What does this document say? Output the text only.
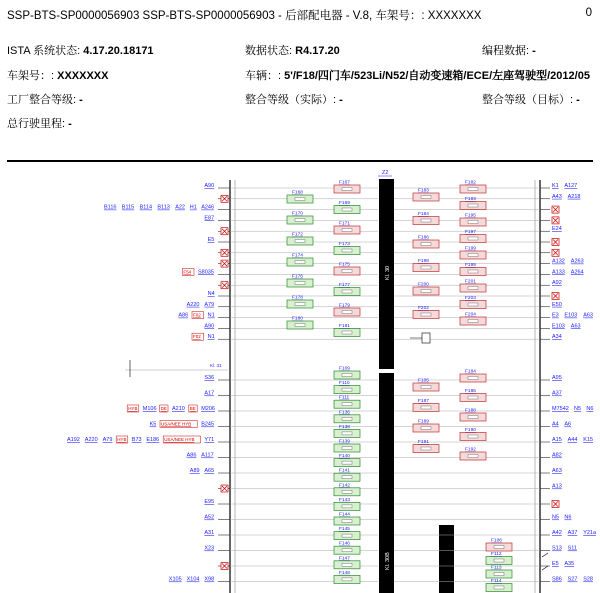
SSP-BTS-SP0000056903 SSP-BTS-SP0000056903 - 后部配电器 - V.8, 车架号：: XXXXXXX	0
ISTA 系统状态: 4.17.20.18171	数据状态: R4.17.20	编程数据: -
车架号：: XXXXXXX	车辆：: 5'/F18/四门车/523Li/N52/自动变速箱/ECE/左座驾驶型/2012/05
工厂整合等级: -	整合等级（实际）: -	整合等级（目标）: -
总行驶里程: -
Z2
Kl. 30
Kl. 30B
Kl. 31
A90
A246
H1
A22
B113
B114
B115
B116
E87
E5
S8035
F54
N4
A79
A220
N1
F02
A86
A90
N1
F02
K1 A127
A43 A218
E24
A132 A263
A133 A264
A92
E50
E3 E103 A63
E103 A63
A34
S36
A17
M206
BE
A210
DE
M106
HYB
B245
USA/NEE HYB
K5
Y71
USA/NEE HYB
E186
B73
HYB
A79
A220
A192
A117
A86
A65
A89
E95
A52
A31
X23
X98
X104
X105
A95
A37
M7542 N5 N6
A4 A6
A15 A44 K15
A82
A63
A13
N5 N6
A42 A37 Y21a
S13 S11
E5 A35
S86 S27 S28
F168
F170
F172
F174
F176
F178
F180
F167
F169
F171
F173
F175
F177
F179
F181
F183
F184
F186
F198
F200
F202
F182
F193
F195
F197
F199
F199
F201
F203
F204
F109
F110
F111
F136
F138
F139
F140
F141
F142
F143
F144
F145
F146
F147
F148
F105
F187
F189
F191
F184
F186
F188
F190
F192
F106
F112
F113
F114
